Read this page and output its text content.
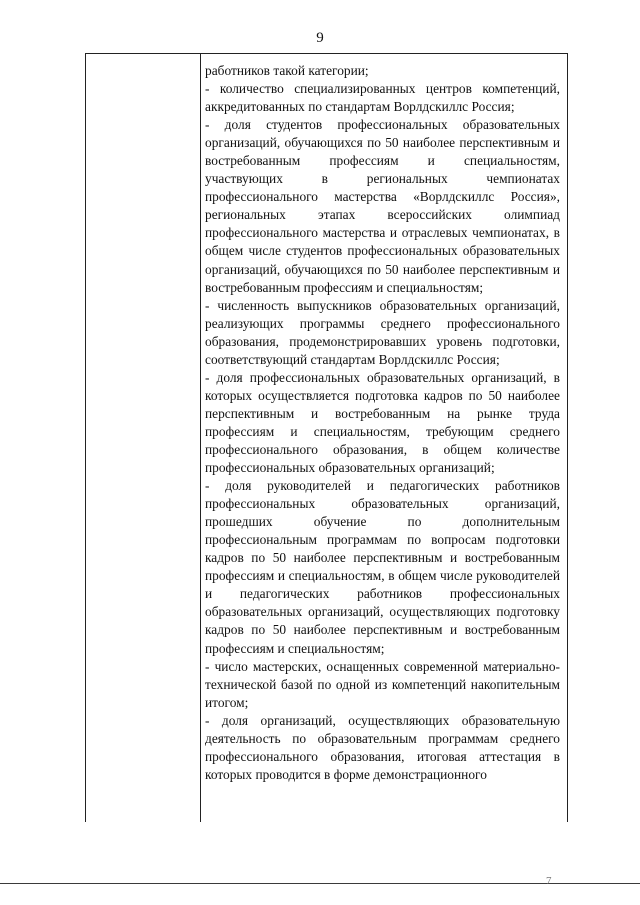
9

работников такой категории;

- количество специализированных центров компетенций, аккредитованных по стандартам Ворлдскиллс Россия;

- доля студентов профессиональных образовательных организаций, обучающихся по 50 наиболее перспективным и востребованным профессиям и специальностям, участвующих в региональных чемпионатах профессионального мастерства «Ворлдскиллс Россия», региональных этапах всероссийских олимпиад профессионального мастерства и отраслевых чемпионатах, в общем числе студентов профессиональных образовательных организаций, обучающихся по 50 наиболее перспективным и востребованным профессиям и специальностям;

- численность выпускников образовательных организаций, реализующих программы среднего профессионального образования, продемонстрировавших уровень подготовки, соответствующий стандартам Ворлдскиллс Россия;

- доля профессиональных образовательных организаций, в которых осуществляется подготовка кадров по 50 наиболее перспективным и востребованным на рынке труда профессиям и специальностям, требующим среднего профессионального образования, в общем количестве профессиональных образовательных организаций;

- доля руководителей и педагогических работников профессиональных образовательных организаций, прошедших обучение по дополнительным профессиональным программам по вопросам подготовки кадров по 50 наиболее перспективным и востребованным профессиям и специальностям, в общем числе руководителей и педагогических работников профессиональных образовательных организаций, осуществляющих подготовку кадров по 50 наиболее перспективным и востребованным профессиям и специальностям;

- число мастерских, оснащенных современной материально-технической базой по одной из компетенций накопительным итогом;

- доля организаций, осуществляющих образовательную деятельность по образовательным программам среднего профессионального образования, итоговая аттестация в которых проводится в форме демонстрационного

7
